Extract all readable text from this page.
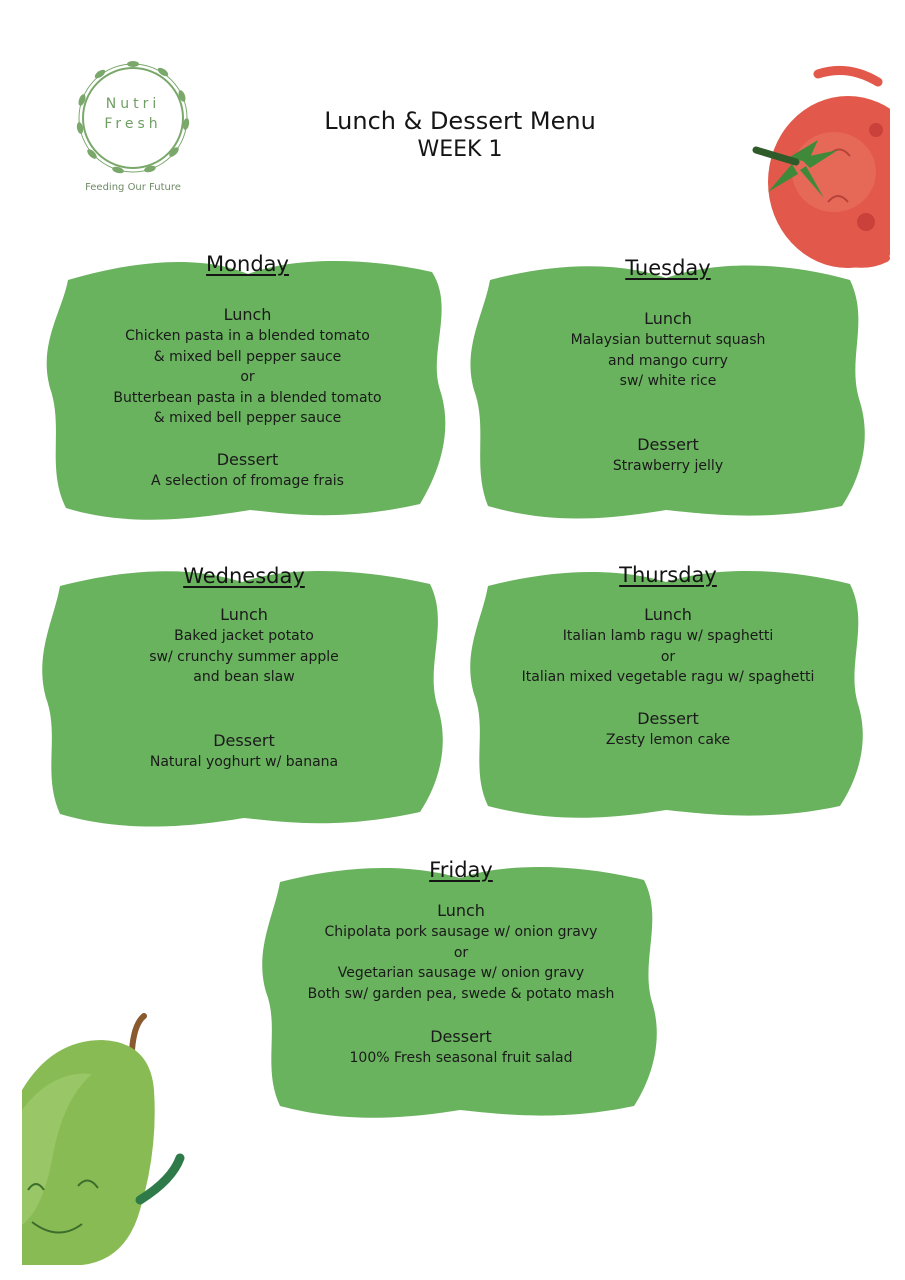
Nutri
Fresh
Feeding Our Future
Lunch & Dessert Menu
WEEK 1
Monday
Lunch
Chicken pasta in a blended tomato
& mixed bell pepper sauce
or
Butterbean pasta in a blended tomato
& mixed bell pepper sauce
Dessert
A selection of fromage frais
Tuesday
Lunch
Malaysian butternut squash
and mango curry
sw/ white rice
Dessert
Strawberry jelly
Wednesday
Lunch
Baked jacket potato
sw/ crunchy summer apple
and bean slaw
Dessert
Natural yoghurt w/ banana
Thursday
Lunch
Italian lamb ragu w/ spaghetti
or
Italian mixed vegetable ragu w/ spaghetti
Dessert
Zesty lemon cake
Friday
Lunch
Chipolata pork sausage w/ onion gravy
or
Vegetarian sausage w/ onion gravy
Both sw/ garden pea, swede & potato mash
Dessert
100% Fresh seasonal fruit salad
